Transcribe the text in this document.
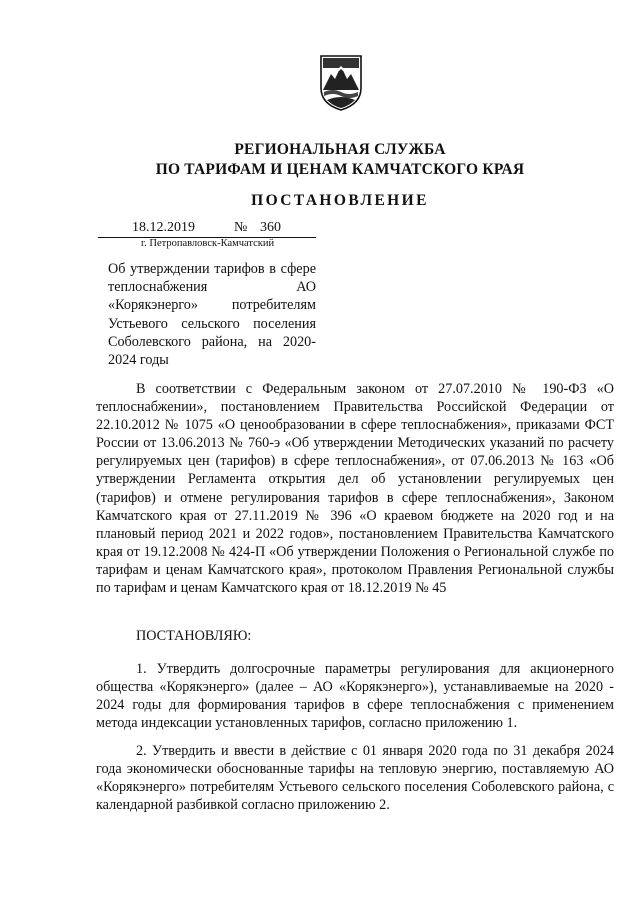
РЕГИОНАЛЬНАЯ СЛУЖБА
ПО ТАРИФАМ И ЦЕНАМ КАМЧАТСКОГО КРАЯ
ПОСТАНОВЛЕНИЕ
18.12.2019	№ 360
г. Петропавловск-Камчатский
Об утверждении тарифов в сфере теплоснабжения АО «Корякэнерго» потребителям Устьевого сельского поселения Соболевского района, на 2020-
2024 годы
В соответствии с Федеральным законом от 27.07.2010 № 190-ФЗ «О теплоснабжении», постановлением Правительства Российской Федерации от 22.10.2012 № 1075 «О ценообразовании в сфере теплоснабжения», приказами ФСТ России от 13.06.2013 № 760-э «Об утверждении Методических указаний по расчету регулируемых цен (тарифов) в сфере теплоснабжения», от 07.06.2013 № 163 «Об утверждении Регламента открытия дел об установлении регулируемых цен (тарифов) и отмене регулирования тарифов в сфере теплоснабжения», Законом Камчатского края от 27.11.2019 № 396 «О краевом бюджете на 2020 год и на плановый период 2021 и 2022 годов», постановлением Правительства Камчатского края от 19.12.2008 № 424-П «Об утверждении Положения о Региональной службе по тарифам и ценам Камчатского края», протоколом Правления Региональной службы по тарифам и ценам Камчатского края от 18.12.2019 № 45
ПОСТАНОВЛЯЮ:
1. Утвердить долгосрочные параметры регулирования для акционерного общества «Корякэнерго» (далее – АО «Корякэнерго»), устанавливаемые на 2020 - 2024 годы для формирования тарифов в сфере теплоснабжения с применением метода индексации установленных тарифов, согласно приложению 1.
2. Утвердить и ввести в действие с 01 января 2020 года по 31 декабря 2024 года экономически обоснованные тарифы на тепловую энергию, поставляемую АО «Корякэнерго» потребителям Устьевого сельского поселения Соболевского района, с календарной разбивкой согласно приложению 2.
